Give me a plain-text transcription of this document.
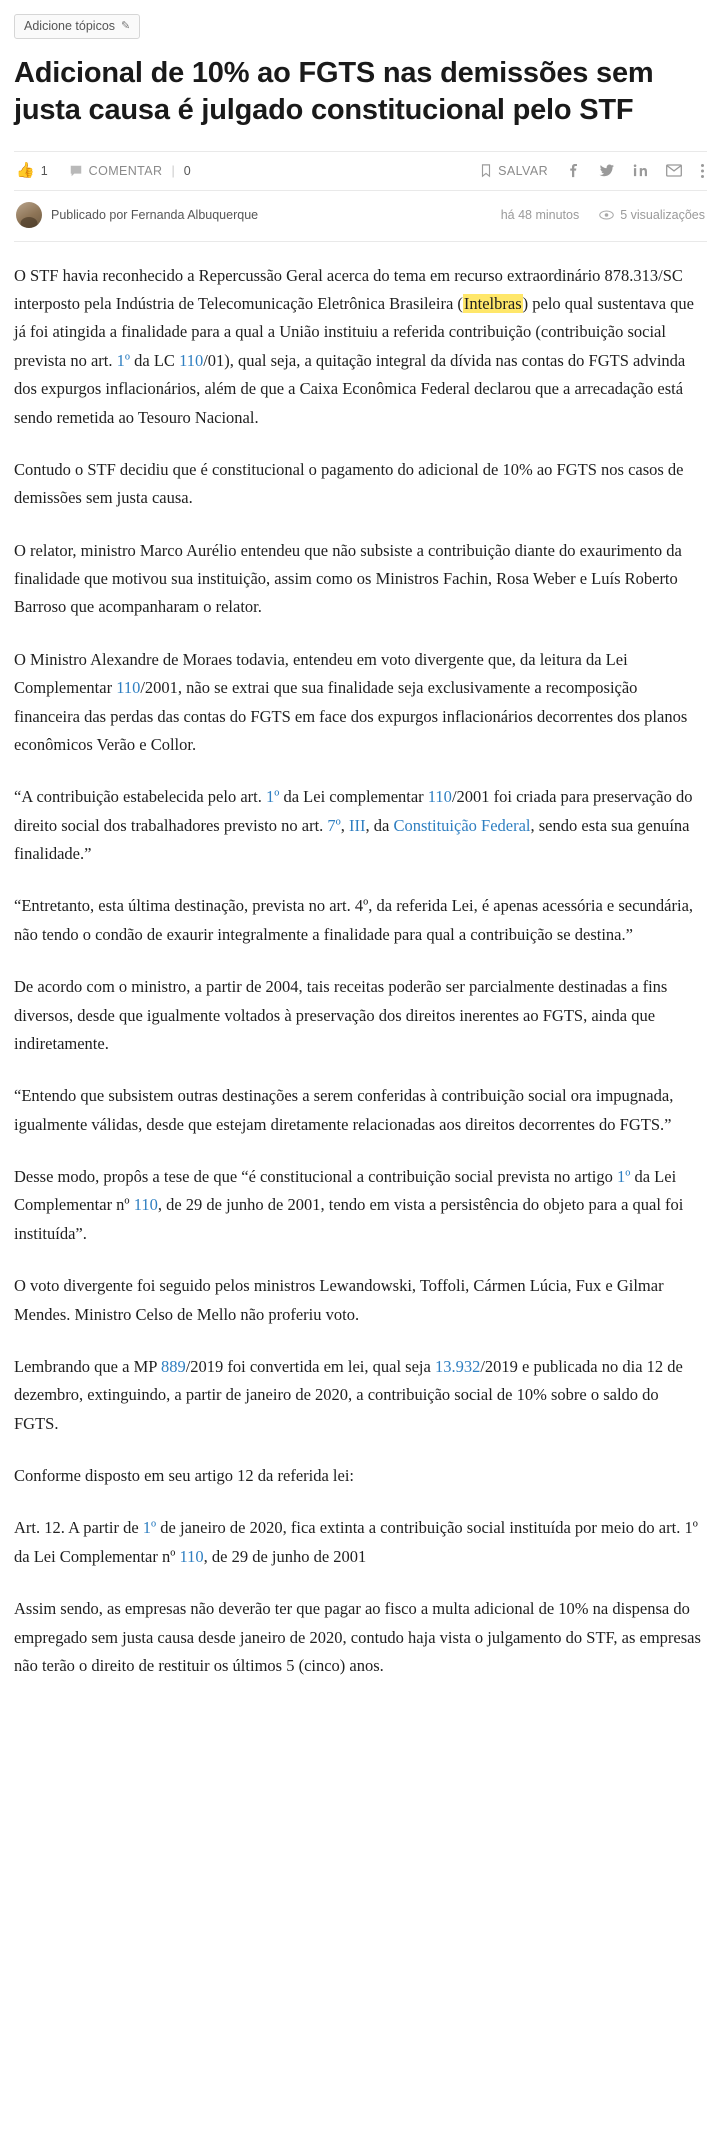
Adicione tópicos ✎
Adicional de 10% ao FGTS nas demissões sem justa causa é julgado constitucional pelo STF
👍 1	COMENTAR | 0	SALVAR
Publicado por Fernanda Albuquerque	há 48 minutos	5 visualizações

O STF havia reconhecido a Repercussão Geral acerca do tema em recurso extraordinário 878.313/SC interposto pela Indústria de Telecomunicação Eletrônica Brasileira (Intelbras) pelo qual sustentava que já foi atingida a finalidade para a qual a União instituiu a referida contribuição (contribuição social prevista no art. 1º da LC 110/01), qual seja, a quitação integral da dívida nas contas do FGTS advinda dos expurgos inflacionários, além de que a Caixa Econômica Federal declarou que a arrecadação está sendo remetida ao Tesouro Nacional.

Contudo o STF decidiu que é constitucional o pagamento do adicional de 10% ao FGTS nos casos de demissões sem justa causa.

O relator, ministro Marco Aurélio entendeu que não subsiste a contribuição diante do exaurimento da finalidade que motivou sua instituição, assim como os Ministros Fachin, Rosa Weber e Luís Roberto Barroso que acompanharam o relator.

O Ministro Alexandre de Moraes todavia, entendeu em voto divergente que, da leitura da Lei Complementar 110/2001, não se extrai que sua finalidade seja exclusivamente a recomposição financeira das perdas das contas do FGTS em face dos expurgos inflacionários decorrentes dos planos econômicos Verão e Collor.

“A contribuição estabelecida pelo art. 1º da Lei complementar 110/2001 foi criada para preservação do direito social dos trabalhadores previsto no art. 7º, III, da Constituição Federal, sendo esta sua genuína finalidade.”

“Entretanto, esta última destinação, prevista no art. 4º, da referida Lei, é apenas acessória e secundária, não tendo o condão de exaurir integralmente a finalidade para qual a contribuição se destina.”

De acordo com o ministro, a partir de 2004, tais receitas poderão ser parcialmente destinadas a fins diversos, desde que igualmente voltados à preservação dos direitos inerentes ao FGTS, ainda que indiretamente.

“Entendo que subsistem outras destinações a serem conferidas à contribuição social ora impugnada, igualmente válidas, desde que estejam diretamente relacionadas aos direitos decorrentes do FGTS.”

Desse modo, propôs a tese de que “é constitucional a contribuição social prevista no artigo 1º da Lei Complementar nº 110, de 29 de junho de 2001, tendo em vista a persistência do objeto para a qual foi instituída”.

O voto divergente foi seguido pelos ministros Lewandowski, Toffoli, Cármen Lúcia, Fux e Gilmar Mendes. Ministro Celso de Mello não proferiu voto.

Lembrando que a MP 889/2019 foi convertida em lei, qual seja 13.932/2019 e publicada no dia 12 de dezembro, extinguindo, a partir de janeiro de 2020, a contribuição social de 10% sobre o saldo do FGTS.

Conforme disposto em seu artigo 12 da referida lei:

Art. 12. A partir de 1º de janeiro de 2020, fica extinta a contribuição social instituída por meio do art. 1º da Lei Complementar nº 110, de 29 de junho de 2001

Assim sendo, as empresas não deverão ter que pagar ao fisco a multa adicional de 10% na dispensa do empregado sem justa causa desde janeiro de 2020, contudo haja vista o julgamento do STF, as empresas não terão o direito de restituir os últimos 5 (cinco) anos.
